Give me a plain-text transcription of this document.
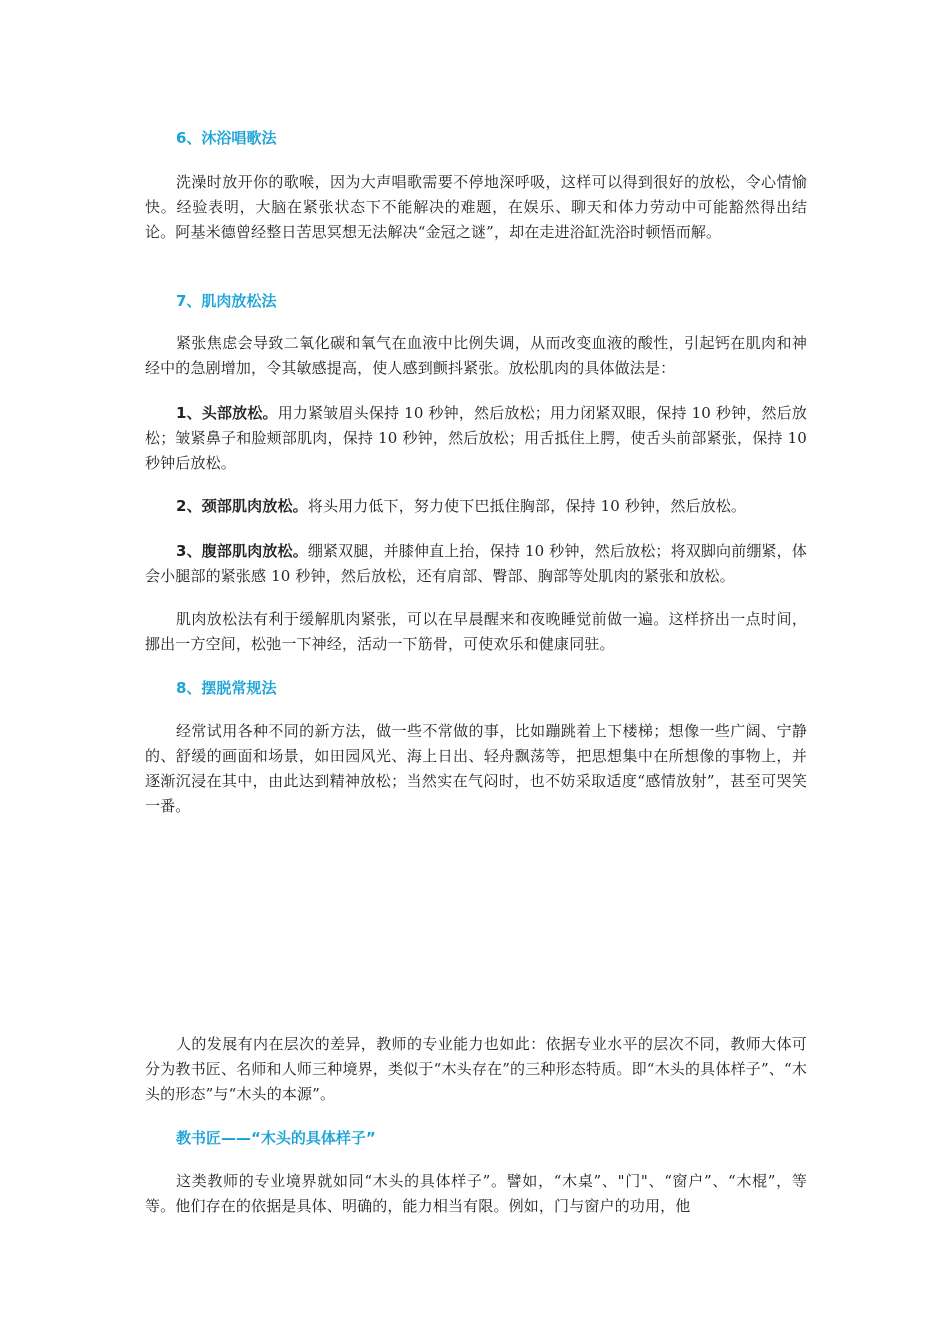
6、沐浴唱歌法

洗澡时放开你的歌喉，因为大声唱歌需要不停地深呼吸，这样可以得到很好的放松，令心情愉快。经验表明，大脑在紧张状态下不能解决的难题，在娱乐、聊天和体力劳动中可能豁然得出结论。阿基米德曾经整日苦思冥想无法解决“金冠之谜”，却在走进浴缸洗浴时顿悟而解。

7、肌肉放松法

紧张焦虑会导致二氧化碳和氧气在血液中比例失调，从而改变血液的酸性，引起钙在肌肉和神经中的急剧增加，令其敏感提高，使人感到颤抖紧张。放松肌肉的具体做法是：

1、头部放松。用力紧皱眉头保持 10 秒钟，然后放松；用力闭紧双眼，保持 10 秒钟，然后放松；皱紧鼻子和脸颊部肌肉，保持 10 秒钟，然后放松；用舌抵住上腭，使舌头前部紧张，保持 10 秒钟后放松。

2、颈部肌肉放松。将头用力低下，努力使下巴抵住胸部，保持 10 秒钟，然后放松。

3、腹部肌肉放松。绷紧双腿，并膝伸直上抬，保持 10 秒钟，然后放松；将双脚向前绷紧，体会小腿部的紧张感 10 秒钟，然后放松，还有肩部、臀部、胸部等处肌肉的紧张和放松。

肌肉放松法有利于缓解肌肉紧张，可以在早晨醒来和夜晚睡觉前做一遍。这样挤出一点时间，挪出一方空间，松弛一下神经，活动一下筋骨，可使欢乐和健康同驻。

8、摆脱常规法

经常试用各种不同的新方法，做一些不常做的事，比如蹦跳着上下楼梯；想像一些广阔、宁静的、舒缓的画面和场景，如田园风光、海上日出、轻舟飘荡等，把思想集中在所想像的事物上，并逐渐沉浸在其中，由此达到精神放松；当然实在气闷时，也不妨采取适度“感情放射”，甚至可哭笑一番。

人的发展有内在层次的差异，教师的专业能力也如此：依据专业水平的层次不同，教师大体可分为教书匠、名师和人师三种境界，类似于“木头存在”的三种形态特质。即“木头的具体样子”、“木头的形态”与“木头的本源”。

教书匠——“木头的具体样子”

这类教师的专业境界就如同“木头的具体样子”。譬如，“木桌”、"门"、“窗户”、“木棍”，等等。他们存在的依据是具体、明确的，能力相当有限。例如，门与窗户的功用，他
